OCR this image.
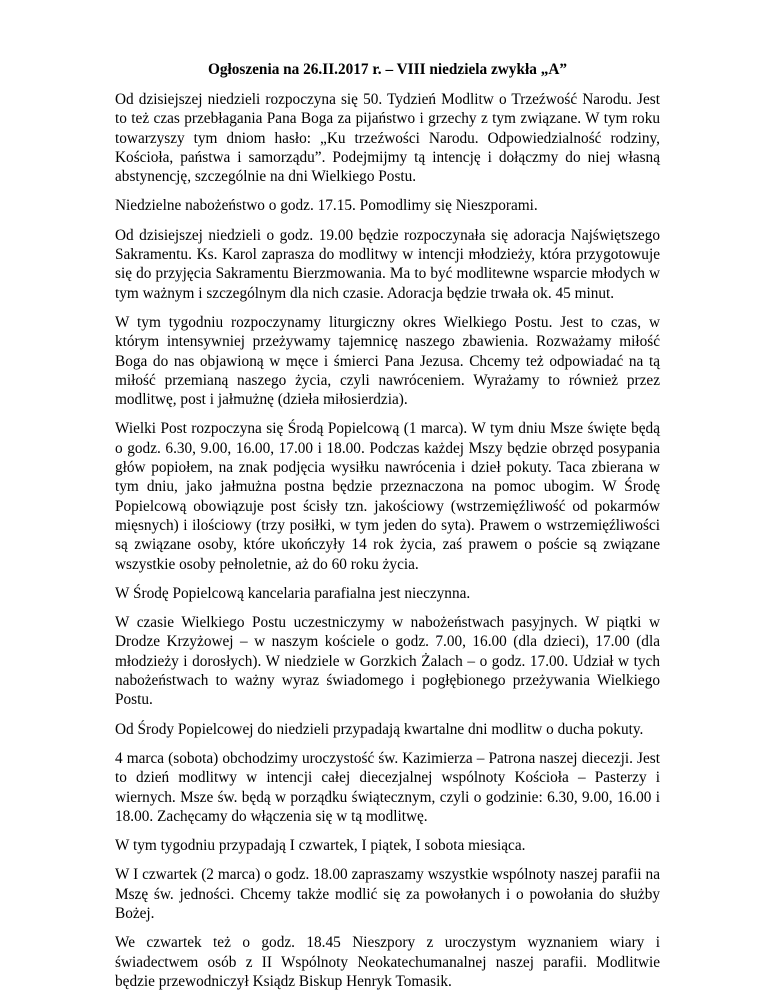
Ogłoszenia na 26.II.2017 r. – VIII niedziela zwykła „A”

Od dzisiejszej niedzieli rozpoczyna się 50. Tydzień Modlitw o Trzeźwość Narodu. Jest to też czas przebłagania Pana Boga za pijaństwo i grzechy z tym związane. W tym roku towarzyszy tym dniom hasło: „Ku trzeźwości Narodu. Odpowiedzialność rodziny, Kościoła, państwa i samorządu”. Podejmijmy tą intencję i dołączmy do niej własną abstynencję, szczególnie na dni Wielkiego Postu.

Niedzielne nabożeństwo o godz. 17.15. Pomodlimy się Nieszporami.

Od dzisiejszej niedzieli o godz. 19.00 będzie rozpoczynała się adoracja Najświętszego Sakramentu. Ks. Karol zaprasza do modlitwy w intencji młodzieży, która przygotowuje się do przyjęcia Sakramentu Bierzmowania. Ma to być modlitewne wsparcie młodych w tym ważnym i szczególnym dla nich czasie. Adoracja będzie trwała ok. 45 minut.

W tym tygodniu rozpoczynamy liturgiczny okres Wielkiego Postu. Jest to czas, w którym intensywniej przeżywamy tajemnicę naszego zbawienia. Rozważamy miłość Boga do nas objawioną w męce i śmierci Pana Jezusa. Chcemy też odpowiadać na tą miłość przemianą naszego życia, czyli nawróceniem. Wyrażamy to również przez modlitwę, post i jałmużnę (dzieła miłosierdzia).

Wielki Post rozpoczyna się Środą Popielcową (1 marca). W tym dniu Msze święte będą o godz. 6.30, 9.00, 16.00, 17.00 i 18.00. Podczas każdej Mszy będzie obrzęd posypania głów popiołem, na znak podjęcia wysiłku nawrócenia i dzieł pokuty. Taca zbierana w tym dniu, jako jałmużna postna będzie przeznaczona na pomoc ubogim. W Środę Popielcową obowiązuje post ścisły tzn. jakościowy (wstrzemięźliwość od pokarmów mięsnych) i ilościowy (trzy posiłki, w tym jeden do syta). Prawem o wstrzemięźliwości są związane osoby, które ukończyły 14 rok życia, zaś prawem o poście są związane wszystkie osoby pełnoletnie, aż do 60 roku życia.

W Środę Popielcową kancelaria parafialna jest nieczynna.

W czasie Wielkiego Postu uczestniczymy w nabożeństwach pasyjnych. W piątki w Drodze Krzyżowej – w naszym kościele o godz. 7.00, 16.00 (dla dzieci), 17.00 (dla młodzieży i dorosłych). W niedziele w Gorzkich Żalach – o godz. 17.00. Udział w tych nabożeństwach to ważny wyraz świadomego i pogłębionego przeżywania Wielkiego Postu.

Od Środy Popielcowej do niedzieli przypadają kwartalne dni modlitw o ducha pokuty.

4 marca (sobota) obchodzimy uroczystość św. Kazimierza – Patrona naszej diecezji. Jest to dzień modlitwy w intencji całej diecezjalnej wspólnoty Kościoła – Pasterzy i wiernych. Msze św. będą w porządku świątecznym, czyli o godzinie: 6.30, 9.00, 16.00 i 18.00. Zachęcamy do włączenia się w tą modlitwę.

W tym tygodniu przypadają I czwartek, I piątek, I sobota miesiąca.

W I czwartek (2 marca) o godz. 18.00 zapraszamy wszystkie wspólnoty naszej parafii na Mszę św. jedności. Chcemy także modlić się za powołanych i o powołania do służby Bożej.

We czwartek też o godz. 18.45 Nieszpory z uroczystym wyznaniem wiary i świadectwem osób z II Wspólnoty Neokatechumanalnej naszej parafii. Modlitwie będzie przewodniczył Ksiądz Biskup Henryk Tomasik.
